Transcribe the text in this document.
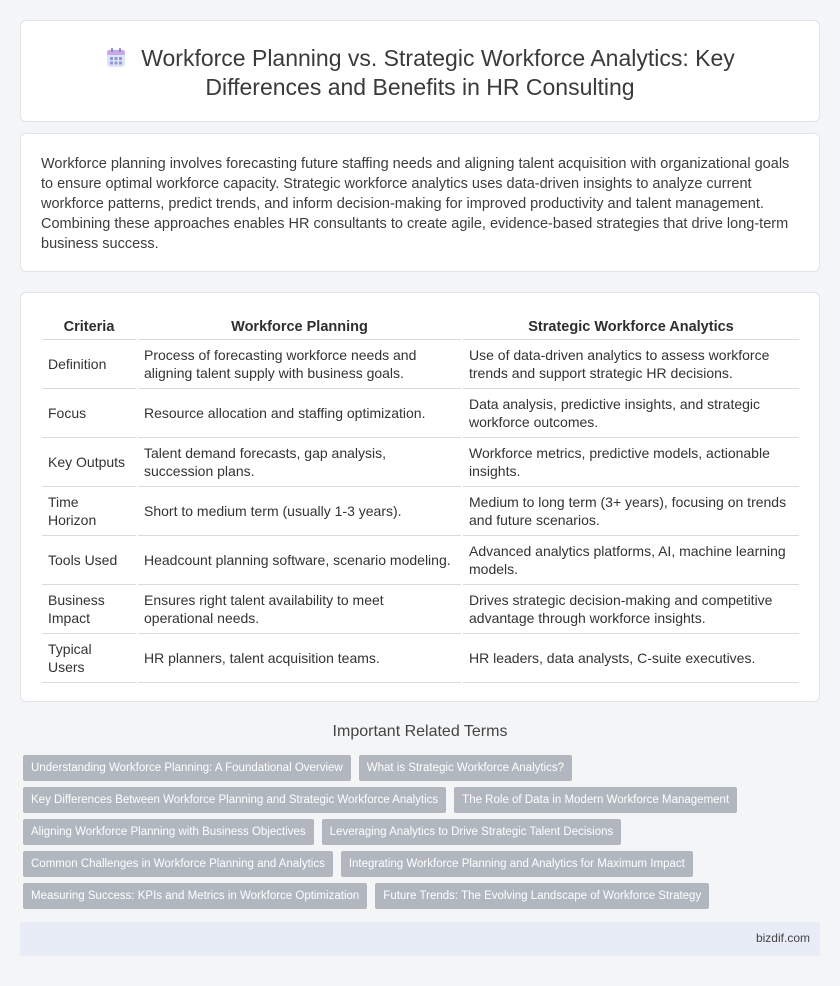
Workforce Planning vs. Strategic Workforce Analytics: Key Differences and Benefits in HR Consulting

Workforce planning involves forecasting future staffing needs and aligning talent acquisition with organizational goals to ensure optimal workforce capacity. Strategic workforce analytics uses data-driven insights to analyze current workforce patterns, predict trends, and inform decision-making for improved productivity and talent management. Combining these approaches enables HR consultants to create agile, evidence-based strategies that drive long-term business success.

Criteria	Workforce Planning	Strategic Workforce Analytics
Definition	Process of forecasting workforce needs and aligning talent supply with business goals.	Use of data-driven analytics to assess workforce trends and support strategic HR decisions.
Focus	Resource allocation and staffing optimization.	Data analysis, predictive insights, and strategic workforce outcomes.
Key Outputs	Talent demand forecasts, gap analysis, succession plans.	Workforce metrics, predictive models, actionable insights.
Time Horizon	Short to medium term (usually 1-3 years).	Medium to long term (3+ years), focusing on trends and future scenarios.
Tools Used	Headcount planning software, scenario modeling.	Advanced analytics platforms, AI, machine learning models.
Business Impact	Ensures right talent availability to meet operational needs.	Drives strategic decision-making and competitive advantage through workforce insights.
Typical Users	HR planners, talent acquisition teams.	HR leaders, data analysts, C-suite executives.
Important Related Terms
Understanding Workforce Planning: A Foundational Overview	What is Strategic Workforce Analytics?
Key Differences Between Workforce Planning and Strategic Workforce Analytics	The Role of Data in Modern Workforce Management
Aligning Workforce Planning with Business Objectives	Leveraging Analytics to Drive Strategic Talent Decisions
Common Challenges in Workforce Planning and Analytics	Integrating Workforce Planning and Analytics for Maximum Impact
Measuring Success: KPIs and Metrics in Workforce Optimization	Future Trends: The Evolving Landscape of Workforce Strategy
bizdif.com
